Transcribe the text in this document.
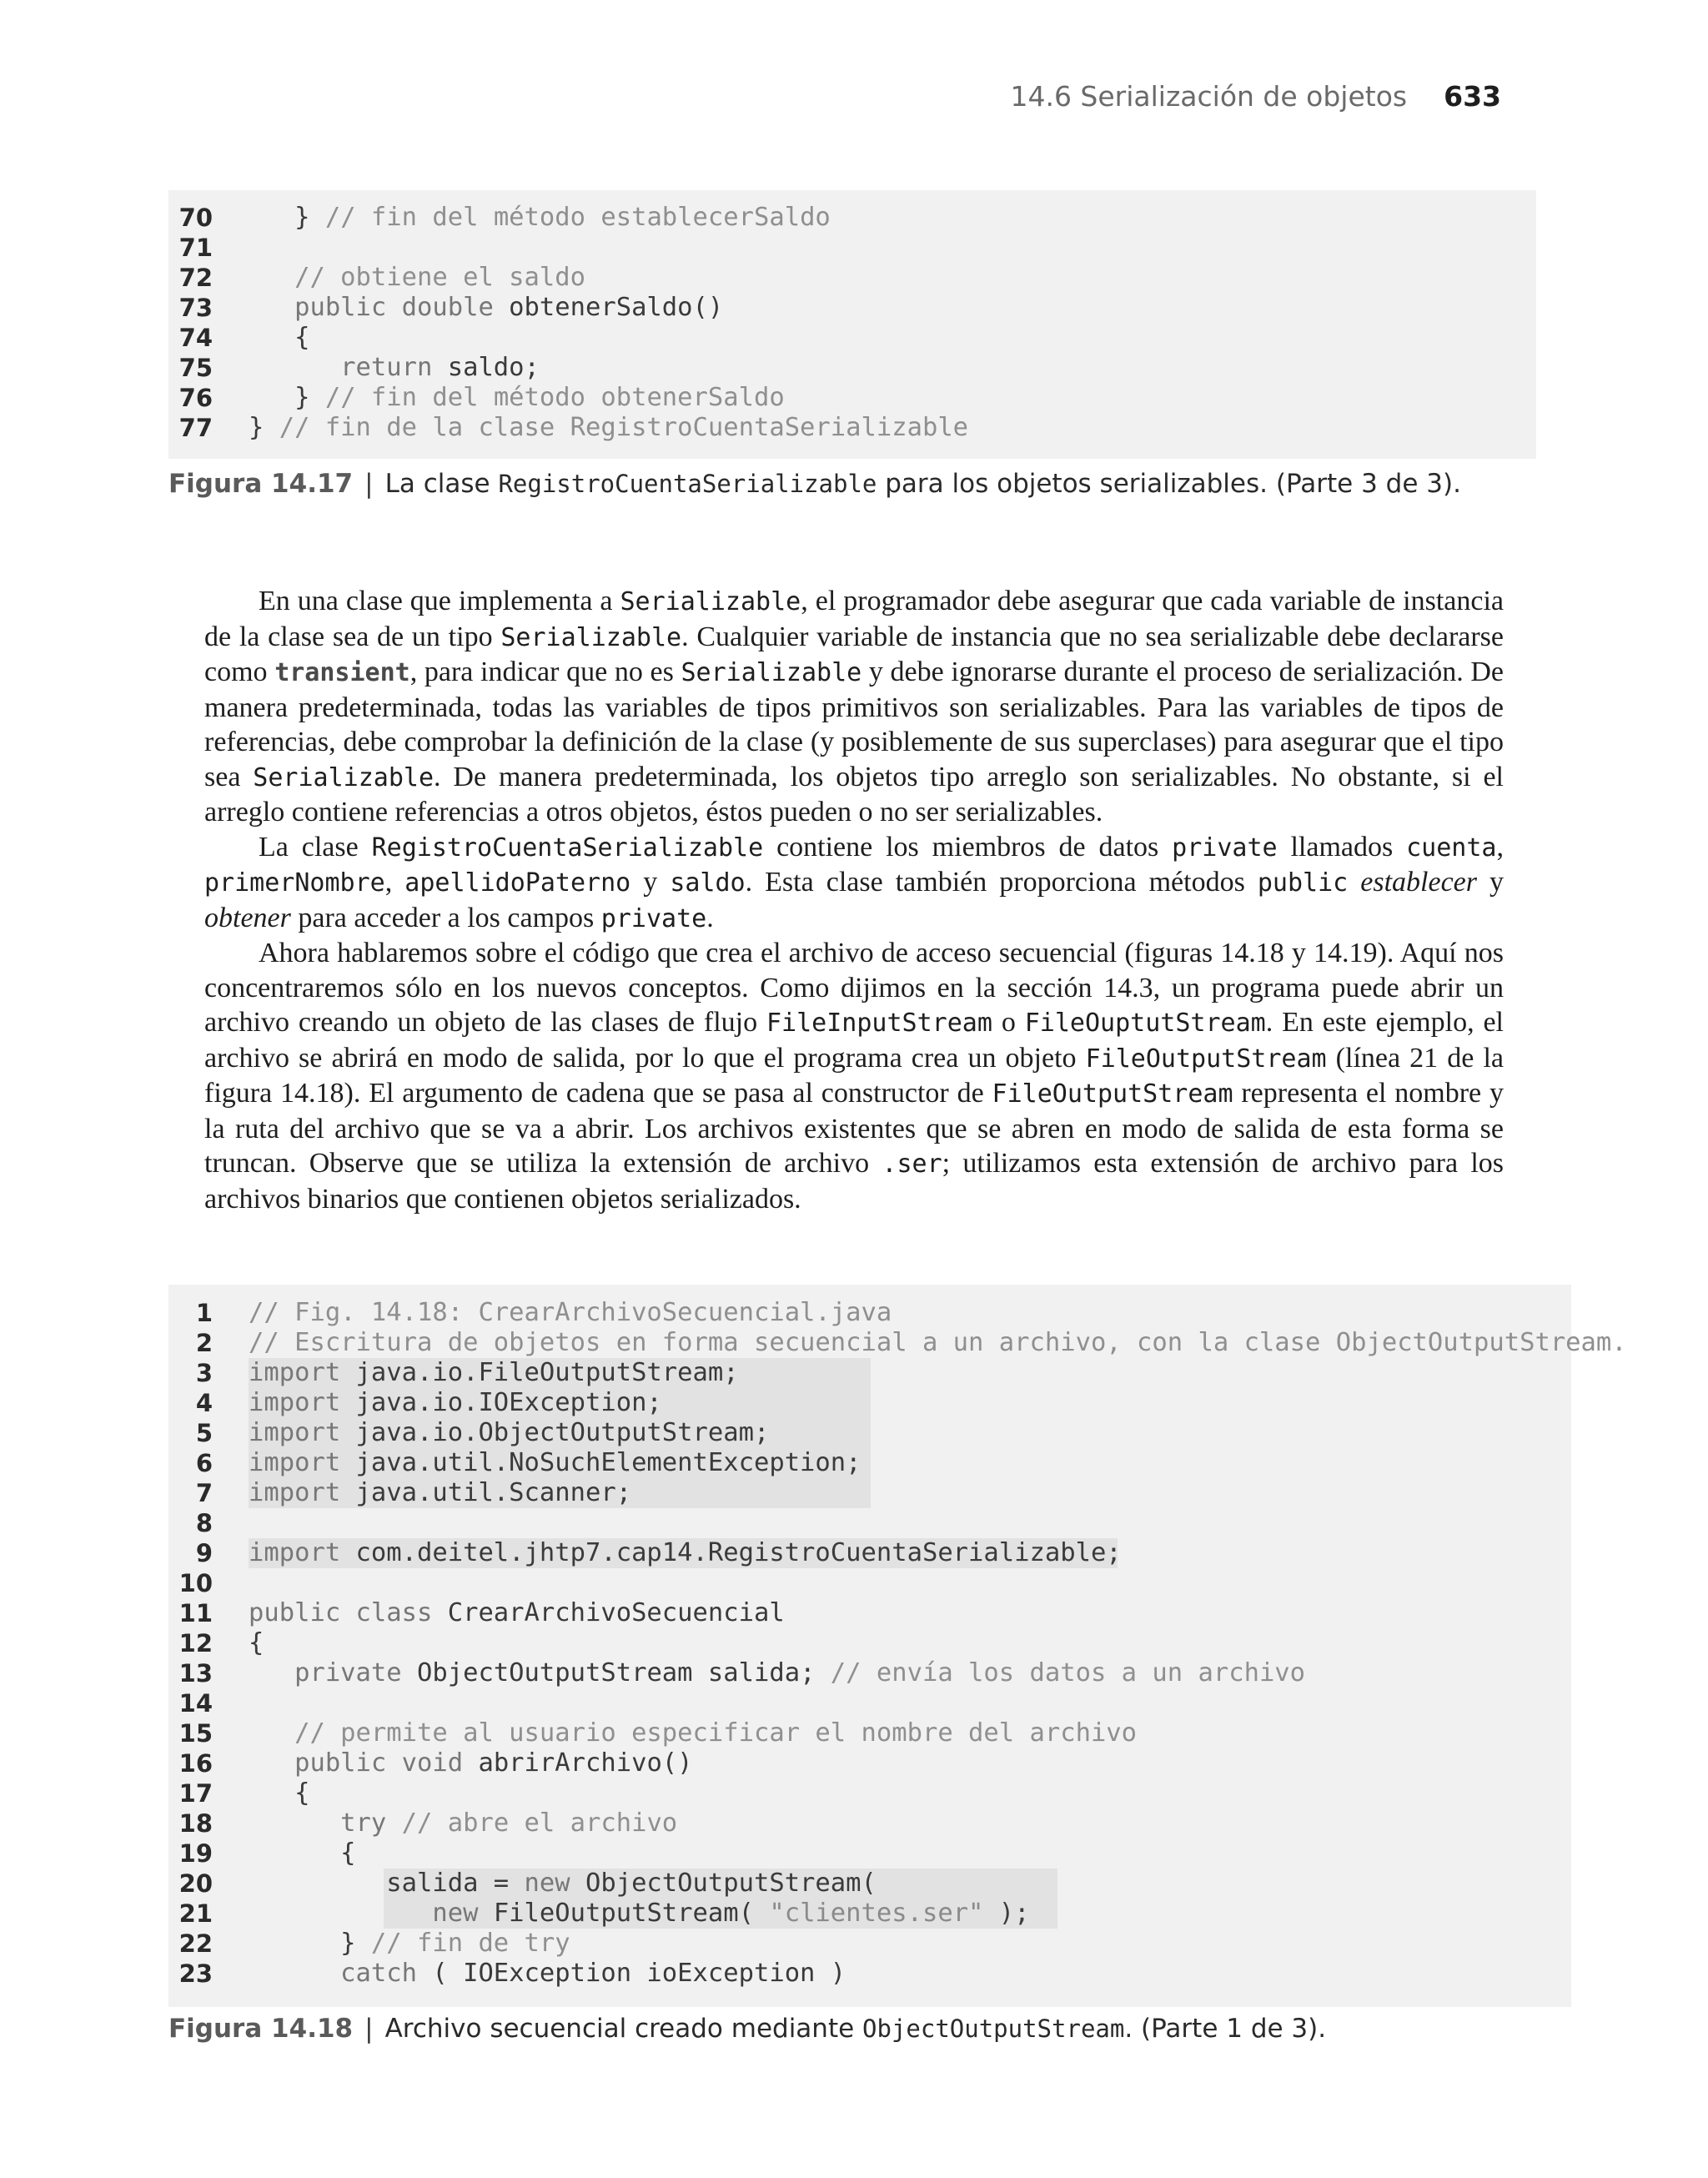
14.6 Serialización de objetos 633
70 } // fin del método establecerSaldo
71
72 // obtiene el saldo
73 public double obtenerSaldo()
74 {
75 return saldo;
76 } // fin del método obtenerSaldo
77 } // fin de la clase RegistroCuentaSerializable
Figura 14.17 | La clase RegistroCuentaSerializable para los objetos serializables. (Parte 3 de 3).

En una clase que implementa a Serializable, el programador debe asegurar que cada variable de instancia de la clase sea de un tipo Serializable. Cualquier variable de instancia que no sea serializable debe declararse como transient, para indicar que no es Serializable y debe ignorarse durante el proceso de serialización. De manera predeterminada, todas las variables de tipos primitivos son serializables. Para las variables de tipos de referencias, debe comprobar la definición de la clase (y posiblemente de sus superclases) para asegurar que el tipo sea Serializable. De manera predeterminada, los objetos tipo arreglo son serializables. No obstante, si el arreglo contiene referencias a otros objetos, éstos pueden o no ser serializables.

La clase RegistroCuentaSerializable contiene los miembros de datos private llamados cuenta, primerNombre, apellidoPaterno y saldo. Esta clase también proporciona métodos public establecer y obtener para acceder a los campos private.

Ahora hablaremos sobre el código que crea el archivo de acceso secuencial (figuras 14.18 y 14.19). Aquí nos concentraremos sólo en los nuevos conceptos. Como dijimos en la sección 14.3, un programa puede abrir un archivo creando un objeto de las clases de flujo FileInputStream o FileOuptutStream. En este ejemplo, el archivo se abrirá en modo de salida, por lo que el programa crea un objeto FileOutputStream (línea 21 de la figura 14.18). El argumento de cadena que se pasa al constructor de FileOutputStream representa el nombre y la ruta del archivo que se va a abrir. Los archivos existentes que se abren en modo de salida de esta forma se truncan. Observe que se utiliza la extensión de archivo .ser; utilizamos esta extensión de archivo para los archivos binarios que contienen objetos serializados.

1 // Fig. 14.18: CrearArchivoSecuencial.java
2 // Escritura de objetos en forma secuencial a un archivo, con la clase ObjectOutputStream.
3 import java.io.FileOutputStream;
4 import java.io.IOException;
5 import java.io.ObjectOutputStream;
6 import java.util.NoSuchElementException;
7 import java.util.Scanner;
8
9 import com.deitel.jhtp7.cap14.RegistroCuentaSerializable;
10
11 public class CrearArchivoSecuencial
12 {
13 private ObjectOutputStream salida; // envía los datos a un archivo
14
15 // permite al usuario especificar el nombre del archivo
16 public void abrirArchivo()
17 {
18 try // abre el archivo
19 {
20 salida = new ObjectOutputStream(
21 new FileOutputStream( "clientes.ser" );
22 } // fin de try
23 catch ( IOException ioException )
Figura 14.18 | Archivo secuencial creado mediante ObjectOutputStream. (Parte 1 de 3).
